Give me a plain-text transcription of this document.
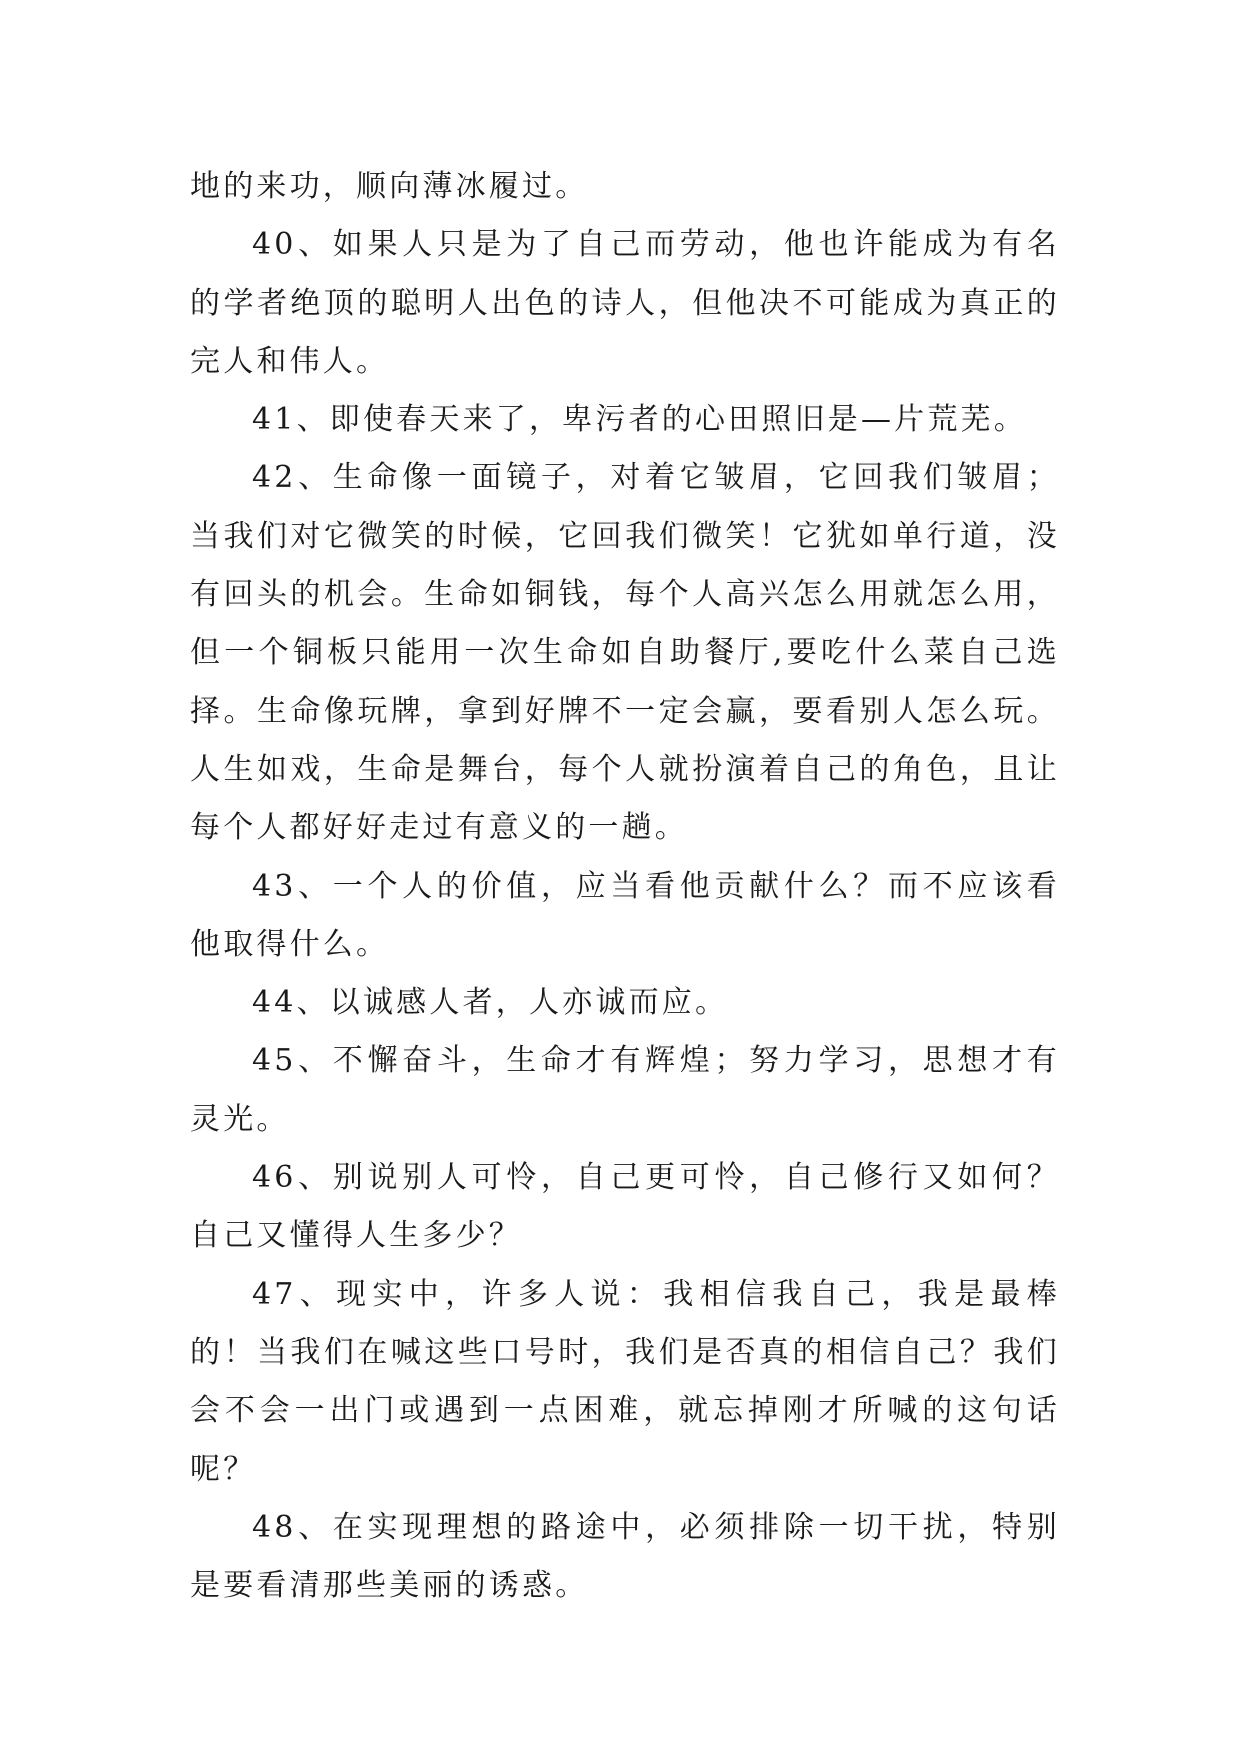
地的来功，顺向薄冰履过。

40、如果人只是为了自己而劳动，他也许能成为有名的学者绝顶的聪明人出色的诗人，但他决不可能成为真正的完人和伟人。

41、即使春天来了，卑污者的心田照旧是—片荒芜。

42、生命像一面镜子，对着它皱眉，它回我们皱眉；当我们对它微笑的时候，它回我们微笑！它犹如单行道，没有回头的机会。生命如铜钱，每个人高兴怎么用就怎么用，但一个铜板只能用一次生命如自助餐厅,要吃什么菜自己选择。生命像玩牌，拿到好牌不一定会赢，要看别人怎么玩。人生如戏，生命是舞台，每个人就扮演着自己的角色，且让每个人都好好走过有意义的一趟。

43、一个人的价值，应当看他贡献什么？而不应该看他取得什么。

44、以诚感人者，人亦诚而应。

45、不懈奋斗，生命才有辉煌；努力学习，思想才有灵光。

46、别说别人可怜，自己更可怜，自己修行又如何？自己又懂得人生多少？

47、现实中，许多人说：我相信我自己，我是最棒的！当我们在喊这些口号时，我们是否真的相信自己？我们会不会一出门或遇到一点困难，就忘掉刚才所喊的这句话呢？

48、在实现理想的路途中，必须排除一切干扰，特别是要看清那些美丽的诱惑。
